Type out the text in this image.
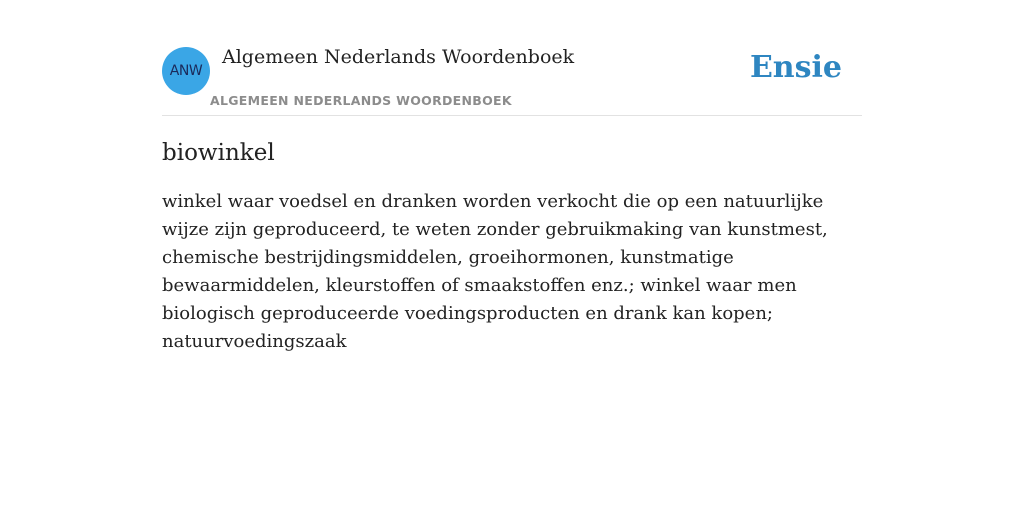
ANW
Algemeen Nederlands Woordenboek
ALGEMEEN NEDERLANDS WOORDENBOEK
Ensie
biowinkel
winkel waar voedsel en dranken worden verkocht die op een natuurlijke wijze zijn geproduceerd, te weten zonder gebruikmaking van kunstmest, chemische bestrijdingsmiddelen, groeihormonen, kunstmatige bewaarmiddelen, kleurstoffen of smaakstoffen enz.; winkel waar men biologisch geproduceerde voedingsproducten en drank kan kopen; natuurvoedingszaak
